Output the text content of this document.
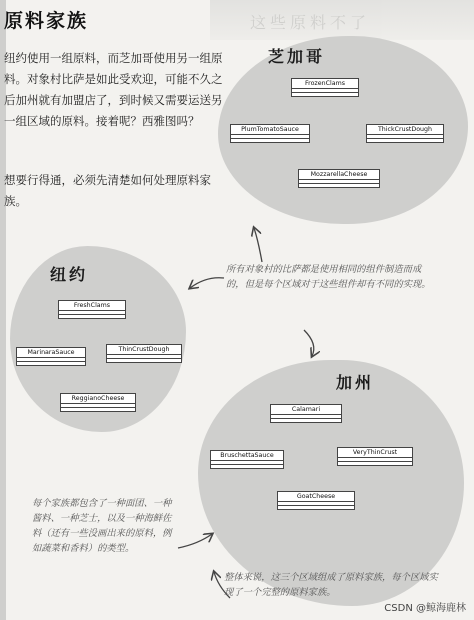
这些原料不了
原料家族

纽约使用一组原料，而芝加哥使用另一组原料。对象村比萨是如此受欢迎，可能不久之后加州就有加盟店了，到时候又需要运送另一组区域的原料。接着呢？西雅图吗？

想要行得通，必须先清楚如何处理原料家族。

芝加哥
FrozenClams
PlumTomatoSauce	ThickCrustDough
MozzarellaCheese
纽约
FreshClams
MarinaraSauce	ThinCrustDough
ReggianoCheese
加州
Calamari
BruschettaSauce	VeryThinCrust
GoatCheese

所有对象村的比萨都是使用相同的组件制造而成的，但是每个区域对于这些组件却有不同的实现。

每个家族都包含了一种面团、一种酱料、一种芝士，以及一种海鲜佐料（还有一些没画出来的原料，例如蔬菜和香料）的类型。

整体来说，这三个区域组成了原料家族，每个区域实现了一个完整的原料家族。

CSDN @鲸海鹿林
